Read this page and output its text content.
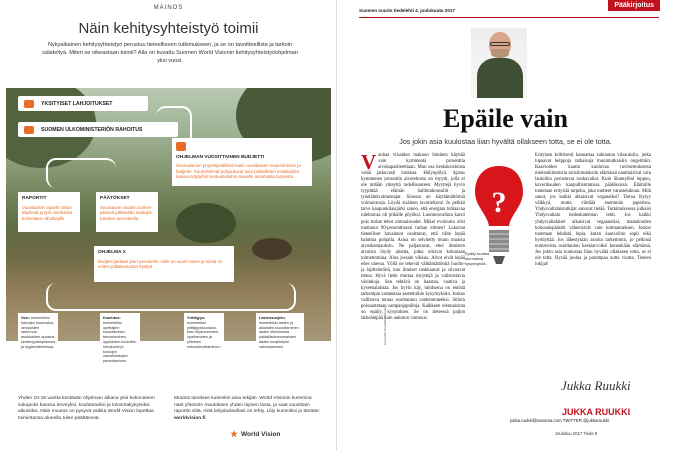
MAINOS
Näin kehitysyhteistyö toimii
Nykyaikainen kehitysyhteistyö perustuu tieteelliseen tutkimukseen, ja se on tavoitteellista ja tarkoin säädeltyä. Miten se oikeastaan toimii? Alla on kuvattu Suomen World Visionin kehitysyhteistyöohjelman yksi vuosi.
YKSITYISET LAHJOITUKSET
SUOMEN ULKOMINISTERIÖN RAHOITUS
RAPORTIT
Vuosittaiset raportit rahan käytöstä ja työn tuloksista kolmelaan rahoittajille.
PÄÄTÖKSET
Seuraavan vuoden toimenpiteistä päätetään saatujen tulosten perusteella.
OHJELMAN VUOSITTAINEN BUDJETTI
Suomalainen projektipäällikkö laatii vuosittaisen suunnitelman ja budjetin. Suunnitelmat pohjautuvat aina paikallisten asukkaiden kanssa käytyihin keskusteluihin alueelle annetuista tarpeista.
OHJELMA X
Budjetti jaetaan pien perustelle, mille on suurin tarve ja mistä on eniten pitkäkestoista hyötyä.
Vesi: esimerkiksi kaivojen kunnostus, vesipuiden rakennus, asukkaiden opastus kestävyydenpidossa ja hygieniatietoissa.
Koulutus: esimerkiksi opettajien koulutamisen tehostaminen, oppilaiden kouluihin rekrytointi ja koulujen varustetasojen parantaminen.
Yrittäjyys: esimerkiksi yrittäjyyskoulutus, tuen kirjautuminen, opettaminen ja yhteisen mikrolainoittaminen.
Lastensuojelu: esimerkiksi lasten ja aikuisten kouluttaminen lasten oikeuksista, paikallisviranomaisten lasten suojelutyön vahvistaminen.
Yhden 10-15 vuotta kestävän ohjelman aikana yksi kokonainen sukupolvi kanssa terveyksi, koulutetuiksi ja toimintakykyisiksi aikuisiksi. Näin muutos on pysyvä vaikka World Vision lopettaa toimintansa alueella tulee päättäessä.
Muutos tarvitsee kuitenkin aina tekijän. World Visionin kummina näet yhteisön muutoksen yhden lapsen lasta, ja saat vuosittain raportin siitä, mitä lahjoituksellasi on tehty. Liity kummiksi jo tänään: worldvision.fi
World Vision
Suomen suurin tiedelehti 4. joulukuuta 2017
Pääkirjoitus
Epäile vain
Jos jokin asia kuulostaa liian hyvältä ollakseen totta, se ei ole totta.
Vanhaa viisaiden makuun ihminen käyttää vain kymmentä prosenttia aivokapasiteettiaan. Muu osa keskuksistoista vetää jatkuvasti lonkkaa. Hölynpölyä. Ajatus kymmenen prosentin aivotehosta on myytti, jolla ei ole mitään yhteyttä todellisuuteen. Myyttejä hyvin tyypittää elämän hallintakonsultit ja työelämävalmentajat. Sinussa on käyttämättömiä voimavaroja. Löydä sisäinen tavoiteltava! Jo pelkkä tarve kaupunkilaisjärki sanoo, että energiaa tuhlaavaa tulehtavaa oli pitkälle pöyöksi. Luonnonvalinta karsii pois turhat tehot ominaisuudet. Mikei evoluutio olisi tuottanut 90-prosenttisesti turhan elimen? Lukuisat tieteelliset havainnot osoittavat, että välte lepää haluttua pohjalla. Asioa on selvitetty muun muassa aivoskannauksin. Ne paljastavat, ettei ihmisten aivoista löydy alueita, jotka olisivat kokonaan toimettomina. Aina jossain vikkuu. Aivot eivät lepää edes unessa. Yöllä ne tekevät välttämättömiä huolto- ja lajittelutöitä, kun ihmiset tankkaavat ja siivoavat tietoa. Hyvä tiede murtaa myyttejä ja valistustavia väsinkoja. Sen tehtävä on haastaa, vaativa ja kyseenalaistaa. Jos hyvin käy, tuloksena on entistä tarkempia vastauksia asetettuihin kysymyksiin. Joskus vallitseva totuus osoittautuu vanhentuneeksi. Silloin poissaotetaan sampanjapulloja. Kaikkeen olennaisinta on epäily, kysyminen. Se on tieteessä paljon tärkeämpää kuin aukoton varmuus.
?
Epäily tuottaa olennaisia kysymyksiä.
Erityisen kriittisesti kannattaa suhtautua viisauksiin, jotka lupaavat helppoja ratkaisuja monimutkaisiin ongelmiin. Kaavioiden kautta kuuluvaa ravitsemuksessa mielenkiintoisiin tulisiintuloksiin elämässä nauttiaisivat vain lautoihin perustuvat ruokavaliot. Kuin Shamylöni loppuu, kaverikauden kaupullisimmissa päätöksissä. Eläimille tuotetaan erityisiä tarpeita, joka tuotteet varastelukuun. Mitä sanot, jos kaikki alkaisivat veganeiksi? Tietoa löytyy välkkyä, mutta viittäää enemmän paperista. Yhdysvaltalaistutkijat sanovat tietää. Tutkimuksessa julkaisi Yhdysvaltain tiedeakatemian lehti. Jos kaikki yhdysvaltalaiset alkaisivat vegaaneiksi, maatalouden kokonaispäästöt vähenisivät vain kolmanneksen. Joskus tuotetaan lehdistä lupia, kuten kaavioihin sopii eikä hyödyttää. Jos lähestytään asioita tarkemmin, jo pelkistä numeroista osoittautuu keskiarvoiksi kenenkään elämässä. Jos jokin asia kuulostaa liian hyvältä ollakseen totta, se ei ole totta. Hyvää joulua ja parempaa uutta vuotta, Tieteen lukijat!
Kuvat Mia Kivelä/Kuvastudio
Jukka Ruukki
JUKKA RUUKKI
jukka.ruukki@sanoma.com TWITTER @jukkaruukki
Joulukuu 2017 Tiede 5
